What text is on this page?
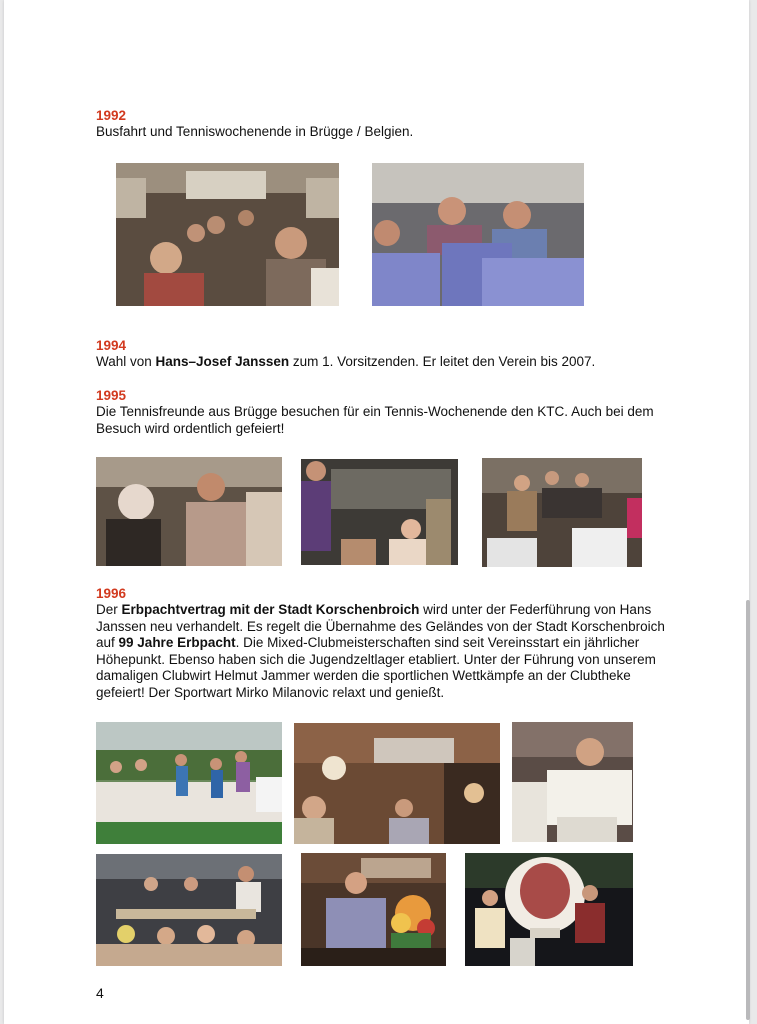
1992
Busfahrt und Tenniswochenende in Brügge / Belgien.
1994
Wahl von Hans–Josef Janssen zum 1. Vorsitzenden. Er leitet den Verein bis 2007.
1995
Die Tennisfreunde aus Brügge besuchen für ein Tennis-Wochenende den KTC. Auch bei dem Besuch wird ordentlich gefeiert!
1996
Der Erbpachtvertrag mit der Stadt Korschenbroich wird unter der Federführung von Hans Janssen neu verhandelt. Es regelt die Übernahme des Geländes von der Stadt Korschenbroich auf 99 Jahre Erbpacht. Die Mixed-Clubmeisterschaften sind seit Vereinsstart ein jährlicher Höhepunkt. Ebenso haben sich die Jugendzeltlager etabliert. Unter der Führung von unserem damaligen Clubwirt Helmut Jammer werden die sportlichen Wettkämpfe an der Clubtheke gefeiert! Der Sportwart Mirko Milanovic relaxt und genießt.
4
